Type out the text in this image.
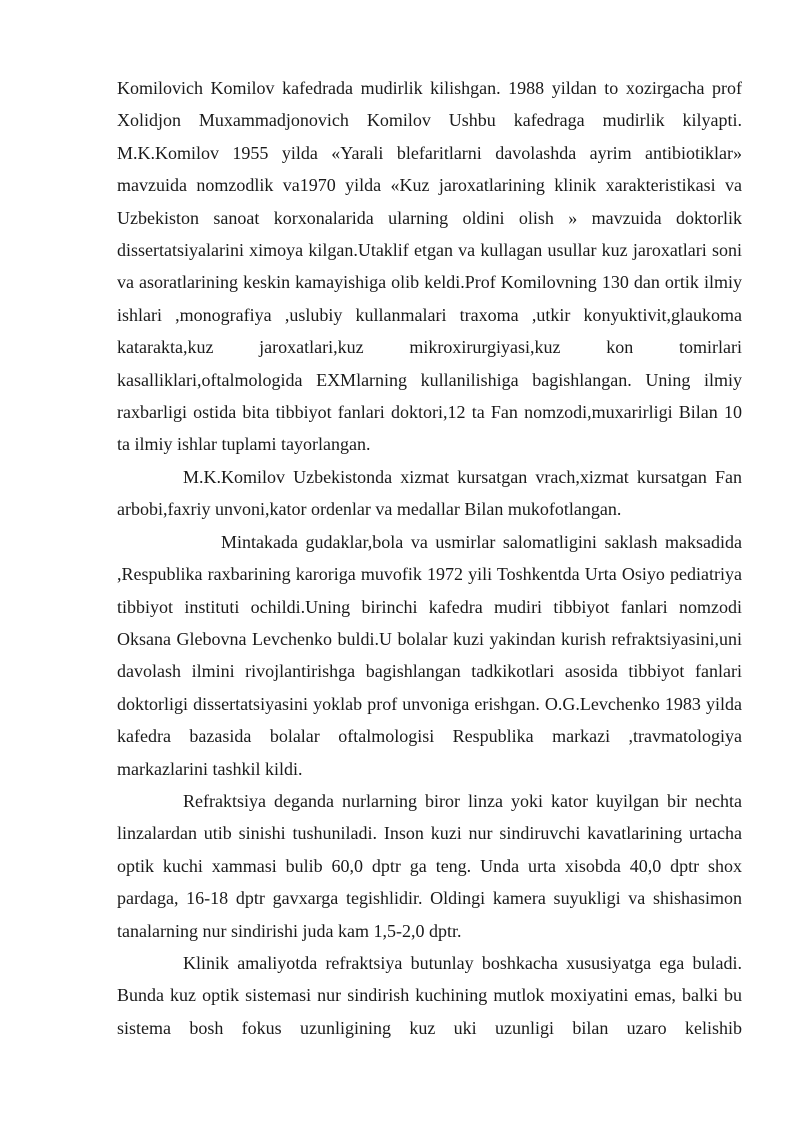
Komilovich Komilov kafedrada mudirlik kilishgan. 1988 yildan to xozirgacha prof Xolidjon Muxammadjonovich Komilov Ushbu kafedraga mudirlik kilyapti. M.K.Komilov 1955 yilda «Yarali blefaritlarni davolashda ayrim antibiotiklar» mavzuida nomzodlik va1970 yilda «Kuz jaroxatlarining klinik xarakteristikasi va Uzbekiston sanoat korxonalarida ularning oldini olish » mavzuida doktorlik dissertatsiyalarini ximoya kilgan.Utaklif etgan va kullagan usullar kuz jaroxatlari soni va asoratlarining keskin kamayishiga olib keldi.Prof Komilovning 130 dan ortik ilmiy ishlari ,monografiya ,uslubiy kullanmalari traxoma ,utkir konyuktivit,glaukoma katarakta,kuz jaroxatlari,kuz mikroxirurgiyasi,kuz kon tomirlari kasalliklari,oftalmologida EXMlarning kullanilishiga bagishlangan. Uning ilmiy raxbarligi ostida bita tibbiyot fanlari doktori,12 ta Fan nomzodi,muxarirligi Bilan 10 ta ilmiy ishlar tuplami tayorlangan.

M.K.Komilov Uzbekistonda xizmat kursatgan vrach,xizmat kursatgan Fan arbobi,faxriy unvoni,kator ordenlar va medallar Bilan mukofotlangan.

Mintakada gudaklar,bola va usmirlar salomatligini saklash maksadida ,Respublika raxbarining karoriga muvofik 1972 yili Toshkentda Urta Osiyo pediatriya tibbiyot instituti ochildi.Uning birinchi kafedra mudiri tibbiyot fanlari nomzodi Oksana Glebovna Levchenko buldi.U bolalar kuzi yakindan kurish refraktsiyasini,uni davolash ilmini rivojlantirishga bagishlangan tadkikotlari asosida tibbiyot fanlari doktorligi dissertatsiyasini yoklab prof unvoniga erishgan. O.G.Levchenko 1983 yilda kafedra bazasida bolalar oftalmologisi Respublika markazi ,travmatologiya markazlarini tashkil kildi.

Refraktsiya deganda nurlarning biror linza yoki kator kuyilgan bir nechta linzalardan utib sinishi tushuniladi. Inson kuzi nur sindiruvchi kavatlarining urtacha optik kuchi xammasi bulib 60,0 dptr ga teng. Unda urta xisobda 40,0 dptr shox pardaga, 16-18 dptr gavxarga tegishlidir. Oldingi kamera suyukligi va shishasimon tanalarning nur sindirishi juda kam 1,5-2,0 dptr.

Klinik amaliyotda refraktsiya butunlay boshkacha xususiyatga ega buladi. Bunda kuz optik sistemasi nur sindirish kuchining mutlok moxiyatini emas, balki bu sistema bosh fokus uzunligining kuz uki uzunligi bilan uzaro kelishib
